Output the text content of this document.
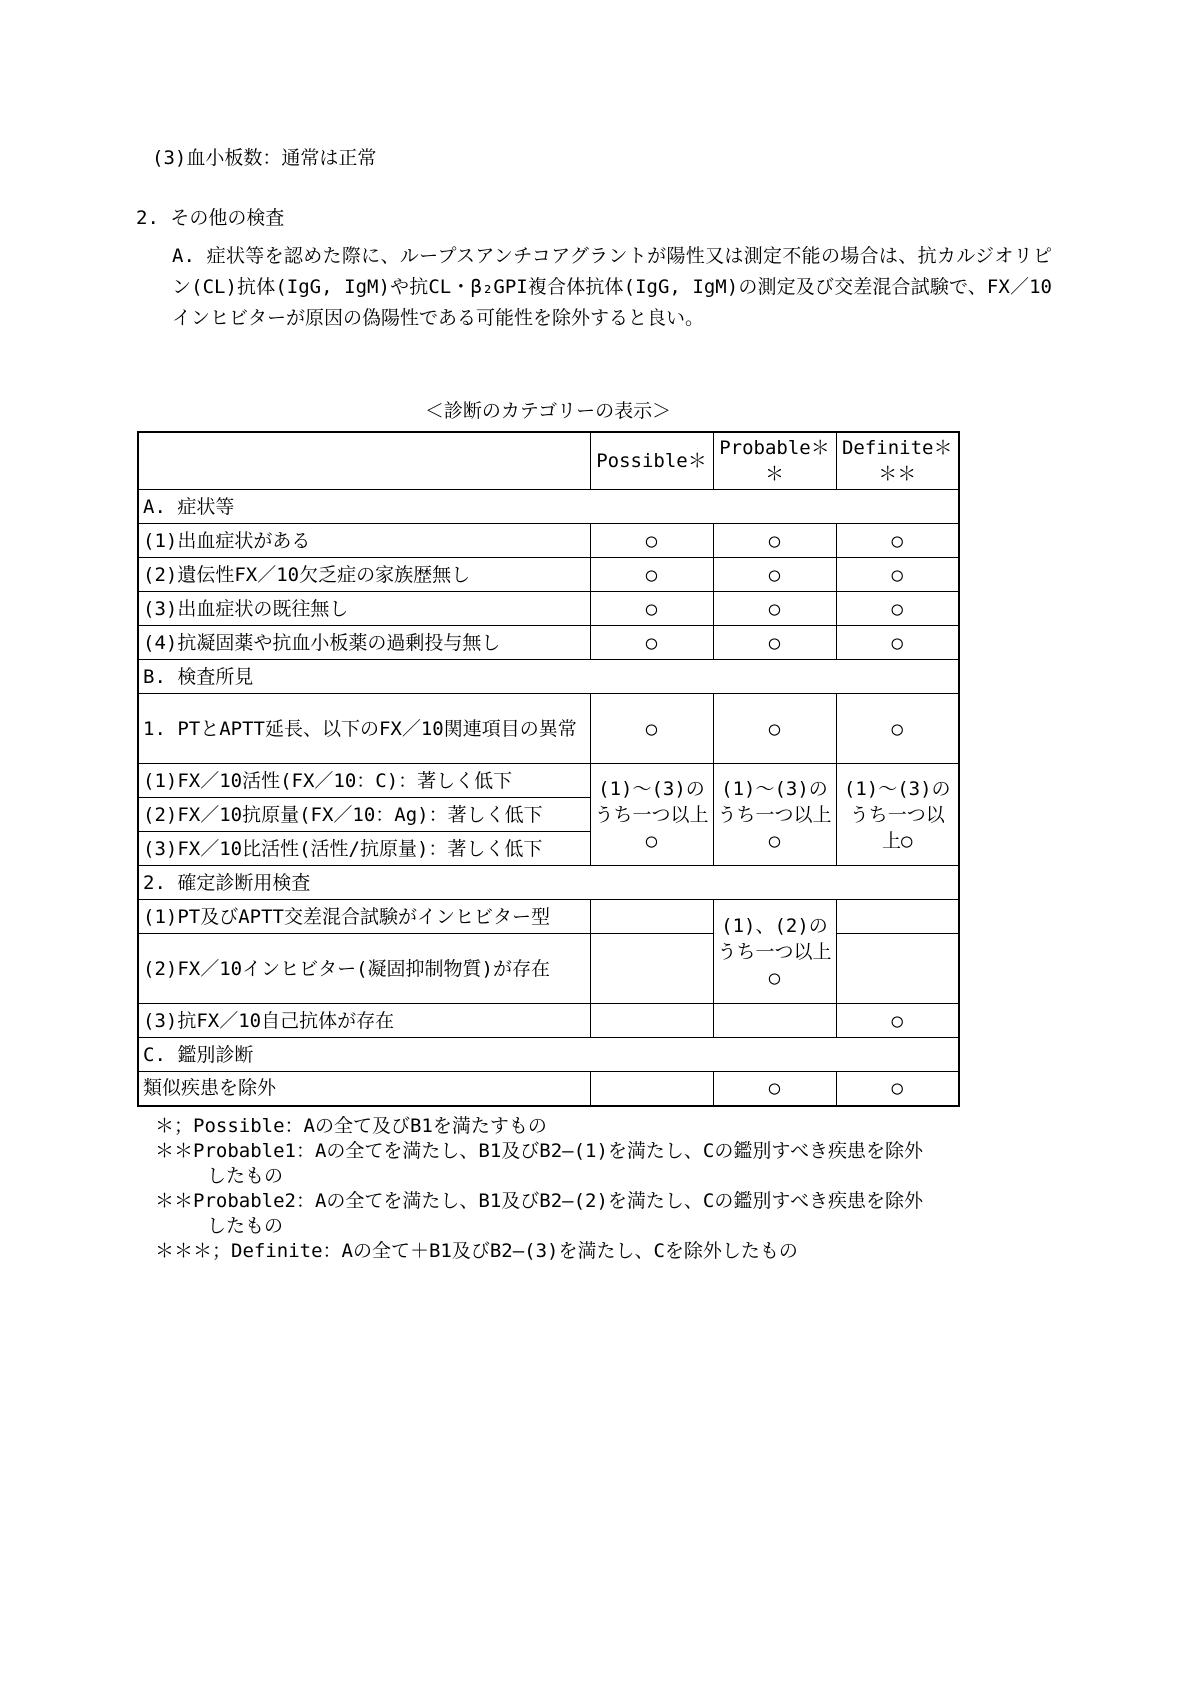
(3)血小板数：通常は正常
2. その他の検査
A. 症状等を認めた際に、ループスアンチコアグラントが陽性又は測定不能の場合は、抗カルジオリピン(CL)抗体(IgG, IgM)や抗CL・β₂GPI複合体抗体(IgG, IgM)の測定及び交差混合試験で、FX／10インヒビターが原因の偽陽性である可能性を除外すると良い。
＜診断のカテゴリーの表示＞
	Possible＊	Probable＊＊	Definite＊＊＊
A. 症状等			
(1)出血症状がある	○	○	○
(2)遺伝性FX／10欠乏症の家族歴無し	○	○	○
(3)出血症状の既往無し	○	○	○
(4)抗凝固薬や抗血小板薬の過剰投与無し	○	○	○
B. 検査所見			
1. PTとAPTT延長、以下のFX／10関連項目の異常	○	○	○
(1)FX／10活性(FX／10：C)：著しく低下	(1)～(3)のうち一つ以上○	(1)～(3)のうち一つ以上○	(1)～(3)のうち一つ以上○
(2)FX／10抗原量(FX／10：Ag)：著しく低下			
(3)FX／10比活性(活性/抗原量)：著しく低下			
2. 確定診断用検査			
(1)PT及びAPTT交差混合試験がインヒビター型		(1)、(2)のうち一つ以上○	
(2)FX／10インヒビター(凝固抑制物質)が存在			
(3)抗FX／10自己抗体が存在			○
C. 鑑別診断			
類似疾患を除外		○	○
＊；Possible：Aの全て及びB1を満たすもの
＊＊Probable1：Aの全てを満たし、B1及びB2―(1)を満たし、Cの鑑別すべき疾患を除外
したもの
＊＊Probable2：Aの全てを満たし、B1及びB2―(2)を満たし、Cの鑑別すべき疾患を除外
したもの
＊＊＊；Definite：Aの全て＋B1及びB2―(3)を満たし、Cを除外したもの
